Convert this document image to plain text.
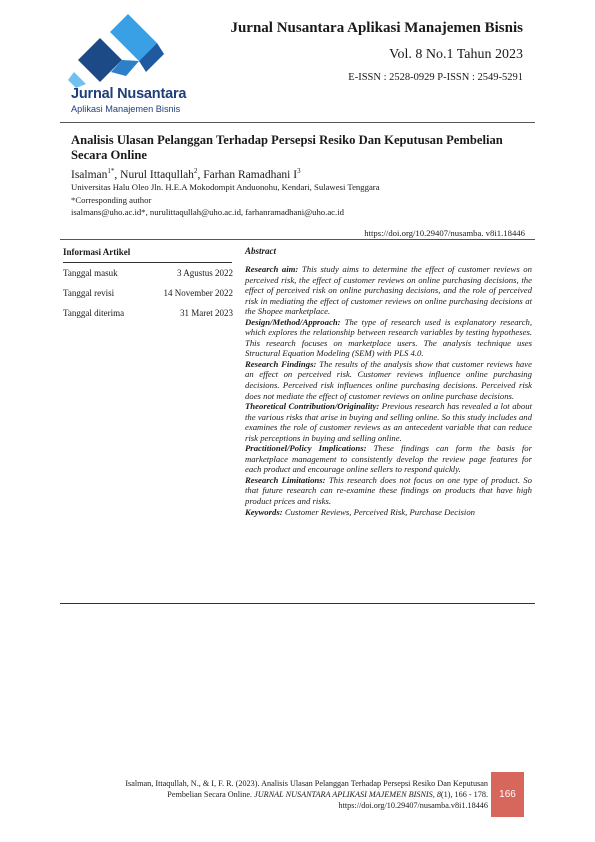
Jurnal Nusantara
Aplikasi Manajemen Bisnis
Jurnal Nusantara Aplikasi Manajemen Bisnis
Vol. 8 No.1 Tahun 2023
E-ISSN : 2528-0929 P-ISSN : 2549-5291
Analisis Ulasan Pelanggan Terhadap Persepsi Resiko Dan Keputusan Pembelian Secara Online
Isalman$^{1*}$, Nurul Ittaqullah$^2$, Farhan Ramadhani $I^3$
Universitas Halu Oleo Jln. H.E.A Mokodompit Anduonohu, Kendari, Sulawesi Tenggara
*Corresponding author
isalmans@uho.ac.id*, nurulittaqullah@uho.ac.id, farhanramadhani@uho.ac.id
https://doi.org/10.29407/nusamba. v8i1.18446
Informasi Artikel
Tanggal masuk	3 Agustus 2022
Tanggal revisi	14 November 2022
Tanggal diterima	31 Maret 2023
Abstract

Research aim: This study aims to determine the effect of customer reviews on perceived risk, the effect of customer reviews on online purchasing decisions, the effect of perceived risk on online purchasing decisions, and the role of perceived risk in mediating the effect of customer reviews on online purchasing decisions at the Shopee marketplace.

Design/Method/Approach: The type of research used is explanatory research, which explores the relationship between research variables by testing hypotheses. This research focuses on marketplace users. The analysis technique uses Structural Equation Modeling (SEM) with PLS 4.0.

Research Findings: The results of the analysis show that customer reviews have an effect on perceived risk. Customer reviews influence online purchasing decisions. Perceived risk influences online purchasing decisions. Perceived risk does not mediate the effect of customer reviews on online purchase decisions.

Theoretical Contribution/Originality: Previous research has revealed a lot about the various risks that arise in buying and selling online. So this study includes and examines the role of customer reviews as an antecedent variable that can reduce risk perceptions in buying and selling online.

Practitionel/Policy Implications: These findings can form the basis for marketplace management to consistently develop the review page features for each product and encourage online sellers to respond quickly.

Research Limitations: This research does not focus on one type of product. So that future research can re-examine these findings on products that have high product prices and risks.

Keywords: Customer Reviews, Perceived Risk, Purchase Decision

Isalman, Ittaqullah, N., & I, F. R. (2023). Analisis Ulasan Pelanggan Terhadap Persepsi Resiko Dan Keputusan
Pembelian Secara Online. JURNAL NUSANTARA APLIKASI MAJEMEN BISNIS, 8(1), 166 - 178.
https://doi.org/10.29407/nusamba.v8i1.18446
166
